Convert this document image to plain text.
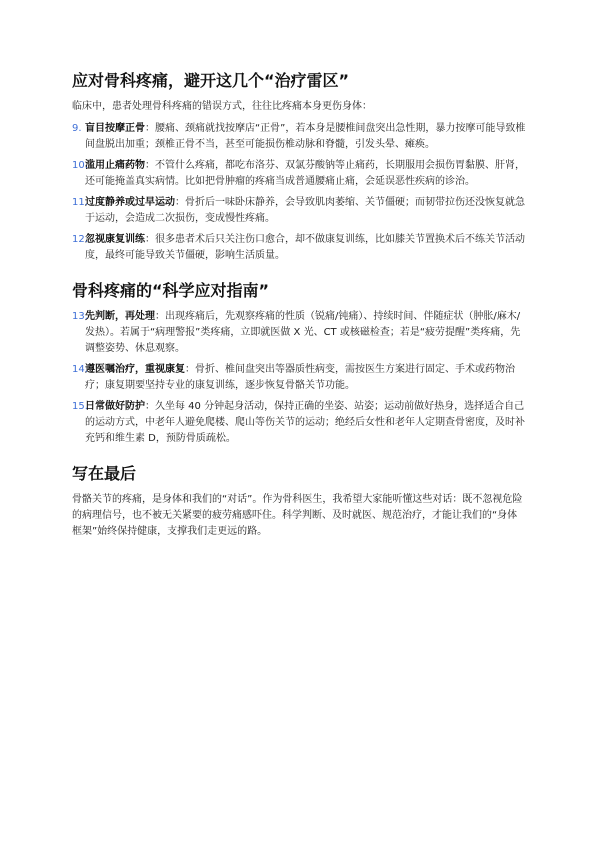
应对骨科疼痛，避开这几个“治疗雷区”

临床中，患者处理骨科疼痛的错误方式，往往比疼痛本身更伤身体：

9. 盲目按摩正骨：腰痛、颈痛就找按摩店“正骨”，若本身是腰椎间盘突出急性期，暴力按摩可能导致椎间盘脱出加重；颈椎正骨不当，甚至可能损伤椎动脉和脊髓，引发头晕、瘫痪。
10.
滥用止痛药物：不管什么疼痛，都吃布洛芬、双氯芬酸钠等止痛药，长期服用会损伤胃黏膜、肝肾，还可能掩盖真实病情。比如把骨肿瘤的疼痛当成普通腰痛止痛，会延误恶性疾病的诊治。
11.
过度静养或过早运动：骨折后一味卧床静养，会导致肌肉萎缩、关节僵硬；而韧带拉伤还没恢复就急于运动，会造成二次损伤，变成慢性疼痛。
12.
忽视康复训练：很多患者术后只关注伤口愈合，却不做康复训练，比如膝关节置换术后不练关节活动度，最终可能导致关节僵硬，影响生活质量。
骨科疼痛的“科学应对指南”
13.
先判断，再处理：出现疼痛后，先观察疼痛的性质（锐痛/钝痛）、持续时间、伴随症状（肿胀/麻木/发热）。若属于“病理警报”类疼痛，立即就医做 X 光、CT 或核磁检查；若是“疲劳提醒”类疼痛，先调整姿势、休息观察。
14.
遵医嘱治疗，重视康复：骨折、椎间盘突出等器质性病变，需按医生方案进行固定、手术或药物治疗；康复期要坚持专业的康复训练，逐步恢复骨骼关节功能。
15.
日常做好防护：久坐每 40 分钟起身活动，保持正确的坐姿、站姿；运动前做好热身，选择适合自己的运动方式，中老年人避免爬楼、爬山等伤关节的运动；绝经后女性和老年人定期查骨密度，及时补充钙和维生素 D，预防骨质疏松。
写在最后

骨骼关节的疼痛，是身体和我们的“对话”。作为骨科医生，我希望大家能听懂这些对话：既不忽视危险的病理信号，也不被无关紧要的疲劳痛感吓住。科学判断、及时就医、规范治疗，才能让我们的“身体框架”始终保持健康，支撑我们走更远的路。
